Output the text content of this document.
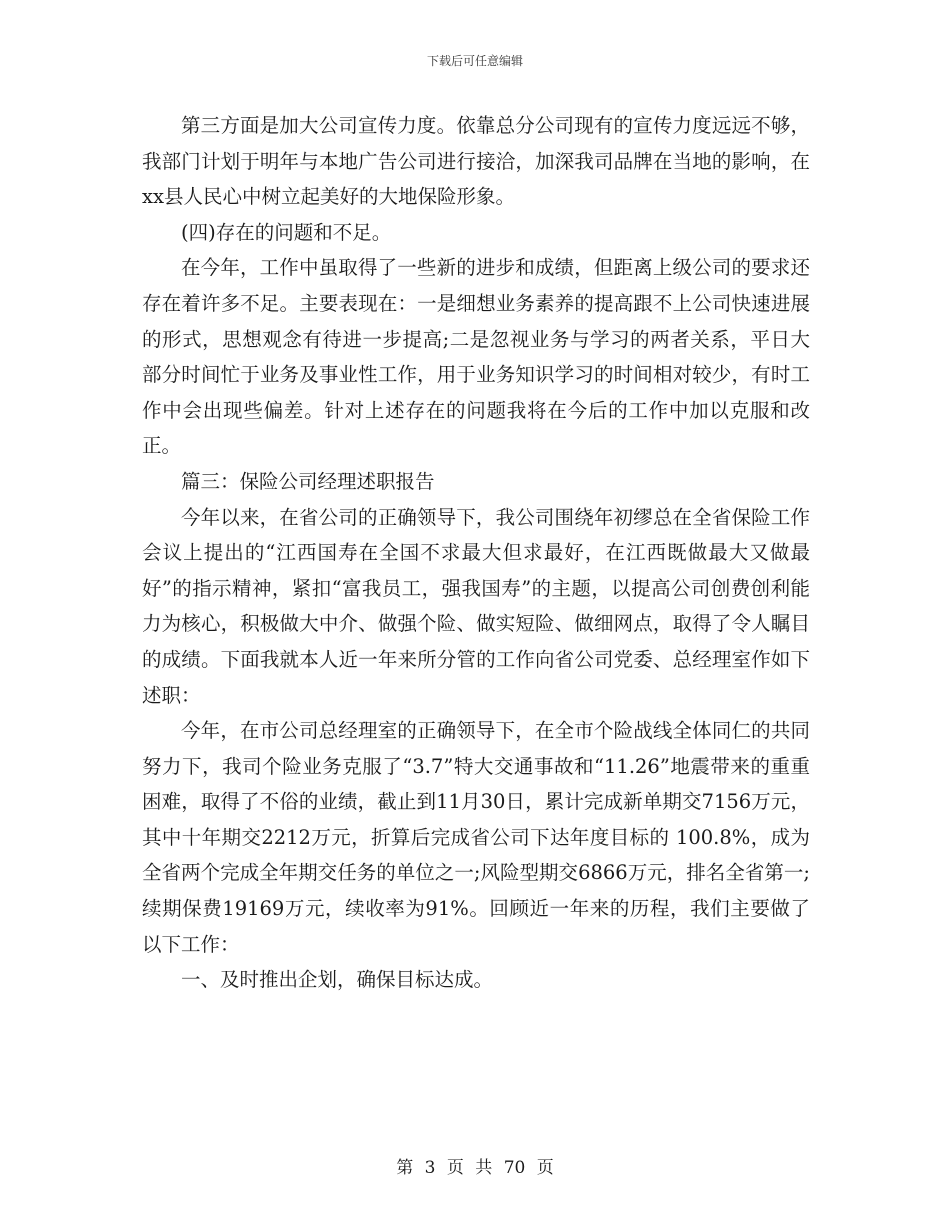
下载后可任意编辑

第三方面是加大公司宣传力度。依靠总分公司现有的宣传力度远远不够，我部门计划于明年与本地广告公司进行接洽，加深我司品牌在当地的影响，在xx县人民心中树立起美好的大地保险形象。

(四)存在的问题和不足。

在今年，工作中虽取得了一些新的进步和成绩，但距离上级公司的要求还存在着许多不足。主要表现在：一是细想业务素养的提高跟不上公司快速进展的形式，思想观念有待进一步提高;二是忽视业务与学习的两者关系，平日大部分时间忙于业务及事业性工作，用于业务知识学习的时间相对较少，有时工作中会出现些偏差。针对上述存在的问题我将在今后的工作中加以克服和改正。

篇三：保险公司经理述职报告

今年以来，在省公司的正确领导下，我公司围绕年初缪总在全省保险工作会议上提出的“江西国寿在全国不求最大但求最好，在江西既做最大又做最好”的指示精神，紧扣“富我员工，强我国寿”的主题，以提高公司创费创利能力为核心，积极做大中介、做强个险、做实短险、做细网点，取得了令人瞩目的成绩。下面我就本人近一年来所分管的工作向省公司党委、总经理室作如下述职：

今年，在市公司总经理室的正确领导下，在全市个险战线全体同仁的共同努力下，我司个险业务克服了“3.7”特大交通事故和“11.26”地震带来的重重困难，取得了不俗的业绩，截止到11月30日，累计完成新单期交7156万元，其中十年期交2212万元，折算后完成省公司下达年度目标的 100.8%，成为全省两个完成全年期交任务的单位之一;风险型期交6866万元，排名全省第一;续期保费19169万元，续收率为91%。回顾近一年来的历程，我们主要做了以下工作：

一、及时推出企划，确保目标达成。

第 3 页 共 70 页
